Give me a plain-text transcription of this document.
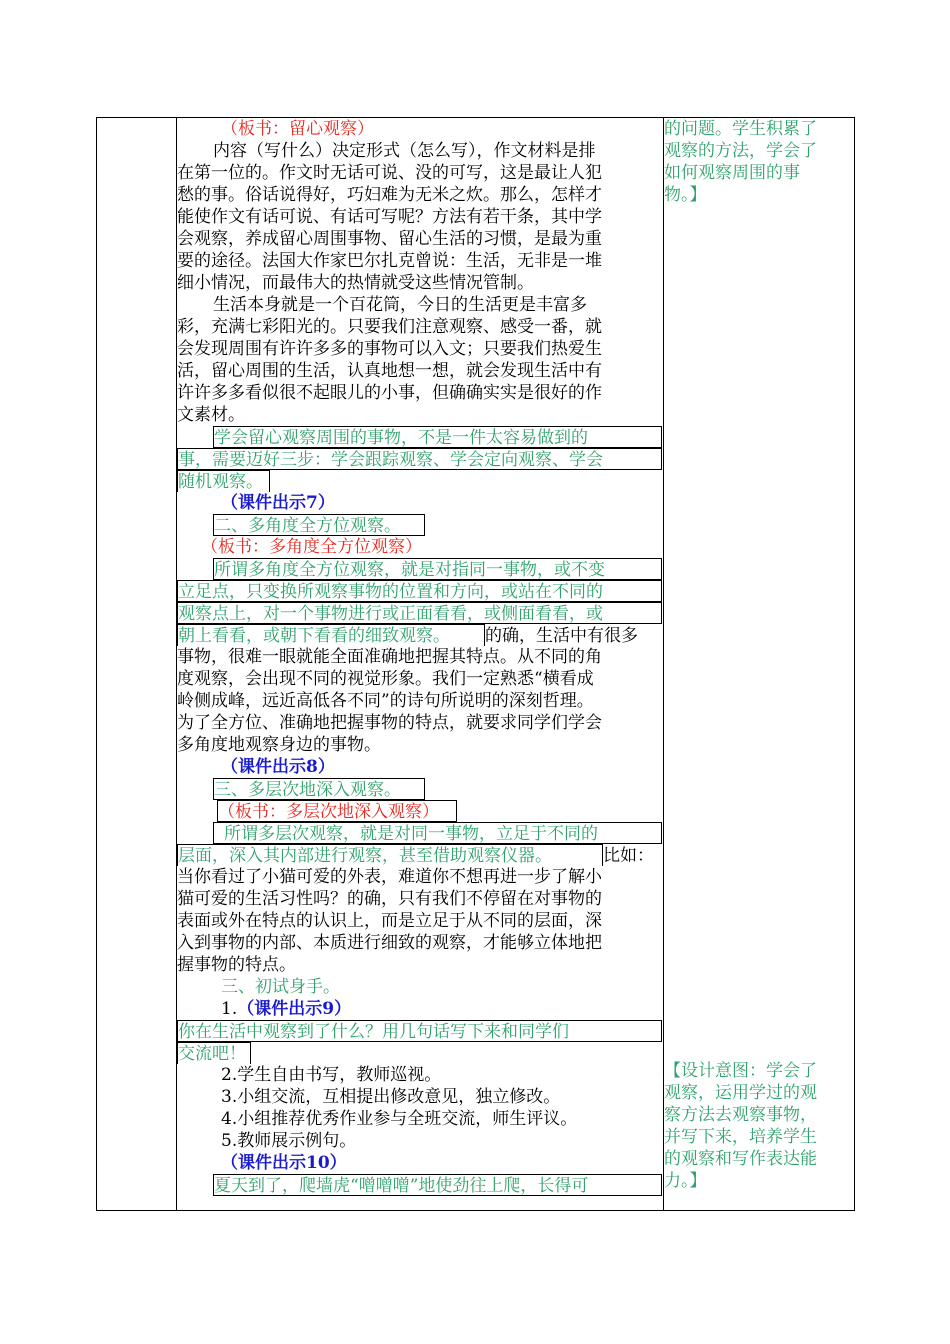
（板书：留心观察）
内容（写什么）决定形式（怎么写），作文材料是排
在第一位的。作文时无话可说、没的可写，这是最让人犯
愁的事。俗话说得好，巧妇难为无米之炊。那么，怎样才
能使作文有话可说、有话可写呢？方法有若干条，其中学
会观察，养成留心周围事物、留心生活的习惯，是最为重
要的途径。法国大作家巴尔扎克曾说：生活，无非是一堆
细小情况，而最伟大的热情就受这些情况管制。
生活本身就是一个百花筒，今日的生活更是丰富多
彩，充满七彩阳光的。只要我们注意观察、感受一番，就
会发现周围有许许多多的事物可以入文；只要我们热爱生
活，留心周围的生活，认真地想一想，就会发现生活中有
许许多多看似很不起眼儿的小事，但确确实实是很好的作
文素材。
学会留心观察周围的事物，不是一件太容易做到的
事，需要迈好三步：学会跟踪观察、学会定向观察、学会
随机观察。
（课件出示7）
二、多角度全方位观察。
（板书：多角度全方位观察）
所谓多角度全方位观察，就是对指同一事物，或不变
立足点，只变换所观察事物的位置和方向，或站在不同的
观察点上，对一个事物进行或正面看看，或侧面看看，或
朝上看看，或朝下看看的细致观察。 的确，生活中有很多
事物，很难一眼就能全面准确地把握其特点。从不同的角
度观察，会出现不同的视觉形象。我们一定熟悉“横看成
岭侧成峰，远近高低各不同”的诗句所说明的深刻哲理。
为了全方位、准确地把握事物的特点，就要求同学们学会
多角度地观察身边的事物。
（课件出示8）
三、多层次地深入观察。
（板书：多层次地深入观察）
所谓多层次观察，就是对同一事物，立足于不同的
层面，深入其内部进行观察，甚至借助观察仪器。	比如：
当你看过了小猫可爱的外表，难道你不想再进一步了解小
猫可爱的生活习性吗？的确，只有我们不停留在对事物的
表面或外在特点的认识上，而是立足于从不同的层面，深
入到事物的内部、本质进行细致的观察，才能够立体地把
握事物的特点。
三、初试身手。
1.（课件出示9）
你在生活中观察到了什么？用几句话写下来和同学们
交流吧！
2.学生自由书写，教师巡视。
3.小组交流，互相提出修改意见，独立修改。
4.小组推荐优秀作业参与全班交流，师生评议。
5.教师展示例句。
（课件出示10）
夏天到了，爬墙虎“噌噌噌”地使劲往上爬，长得可
的问题。学生积累了
观察的方法，学会了
如何观察周围的事
物。】
【设计意图：学会了
观察，运用学过的观
察方法去观察事物，
并写下来，培养学生
的观察和写作表达能
力。】
